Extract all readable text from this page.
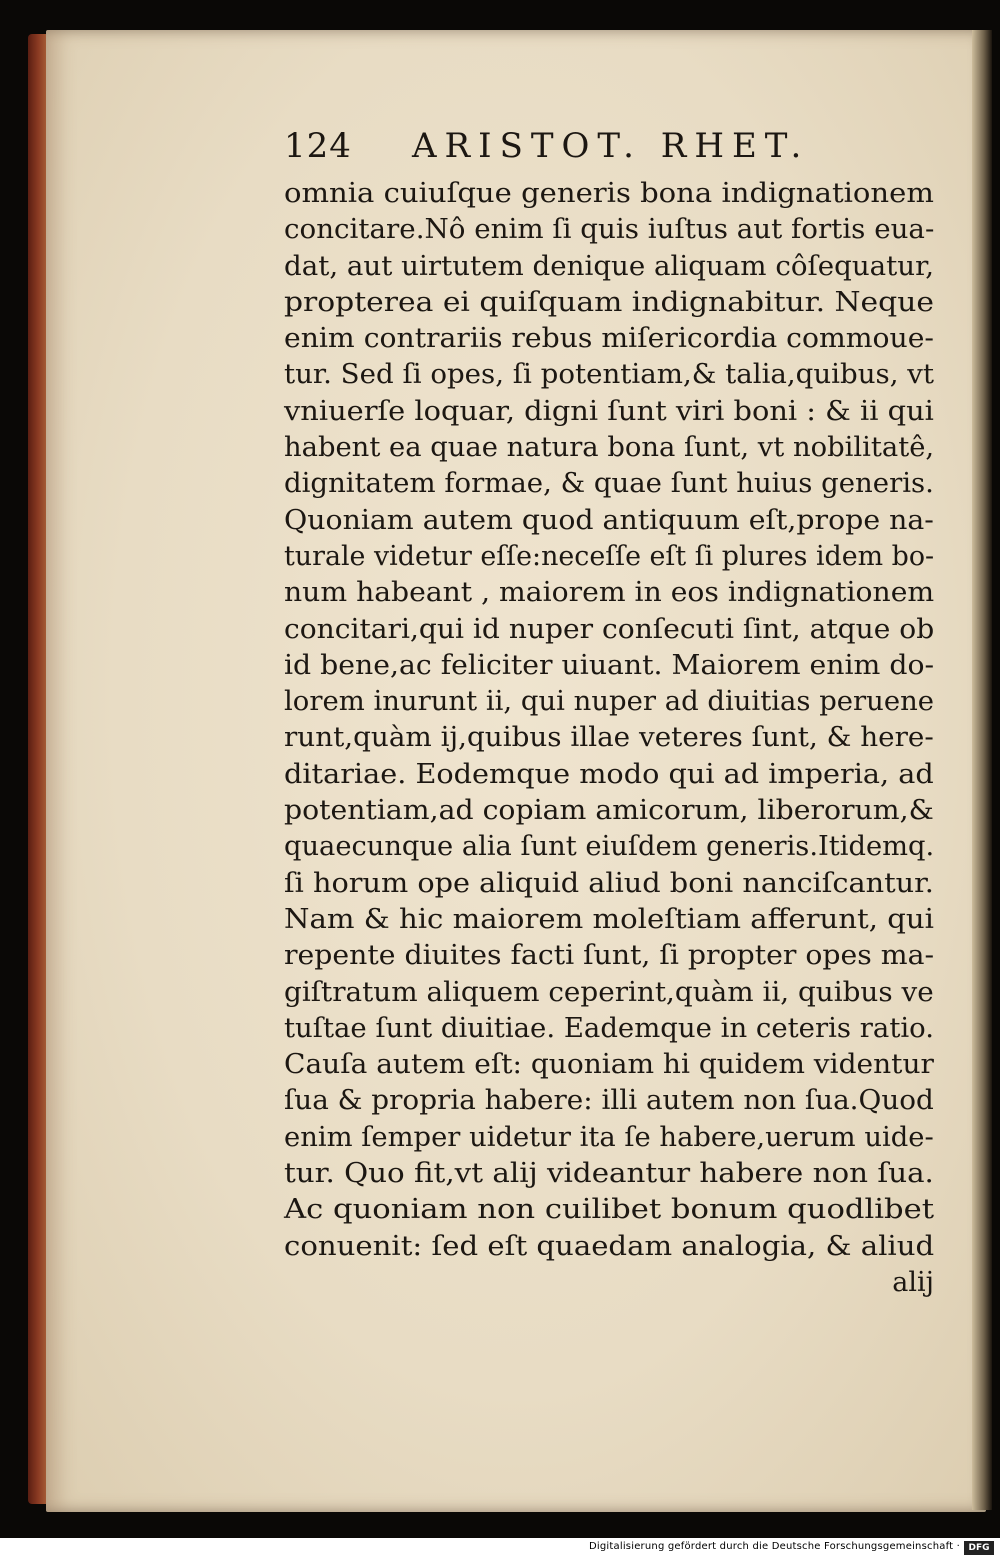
124 ARISTOT. RHET.
omnia cuiuſque generis bona indignationem
concitare.Nô enim ſi quis iuſtus aut fortis eua-
dat, aut uirtutem denique aliquam côſequatur,
propterea ei quiſquam indignabitur. Neque
enim contrariis rebus miſericordia commoue-
tur. Sed ſi opes, ſi potentiam,& talia,quibus, vt
vniuerſe loquar, digni ſunt viri boni : & ii qui
habent ea quae natura bona ſunt, vt nobilitatê,
dignitatem formae, & quae ſunt huius generis.
Quoniam autem quod antiquum eſt,prope na-
turale videtur eſſe:neceſſe eſt ſi plures idem bo-
num habeant , maiorem in eos indignationem
concitari,qui id nuper conſecuti ſint, atque ob
id bene,ac feliciter uiuant. Maiorem enim do-
lorem inurunt ii, qui nuper ad diuitias peruene
runt,quàm ij,quibus illae veteres ſunt, & here-
ditariae. Eodemque modo qui ad imperia, ad
potentiam,ad copiam amicorum, liberorum,&
quaecunque alia ſunt eiuſdem generis.Itidemq.
ſi horum ope aliquid aliud boni nanciſcantur.
Nam & hic maiorem moleſtiam afferunt, qui
repente diuites facti ſunt, ſi propter opes ma-
giſtratum aliquem ceperint,quàm ii, quibus ve
tuſtae ſunt diuitiae. Eademque in ceteris ratio.
Cauſa autem eſt: quoniam hi quidem videntur
ſua & propria habere: illi autem non ſua.Quod
enim ſemper uidetur ita ſe habere,uerum uide-
tur. Quo fit,vt alij videantur habere non ſua.
Ac quoniam non cuilibet bonum quodlibet
conuenit: ſed eſt quaedam analogia, & aliud
alij
Digitalisierung gefördert durch die Deutsche Forschungsgemeinschaft · DFG
